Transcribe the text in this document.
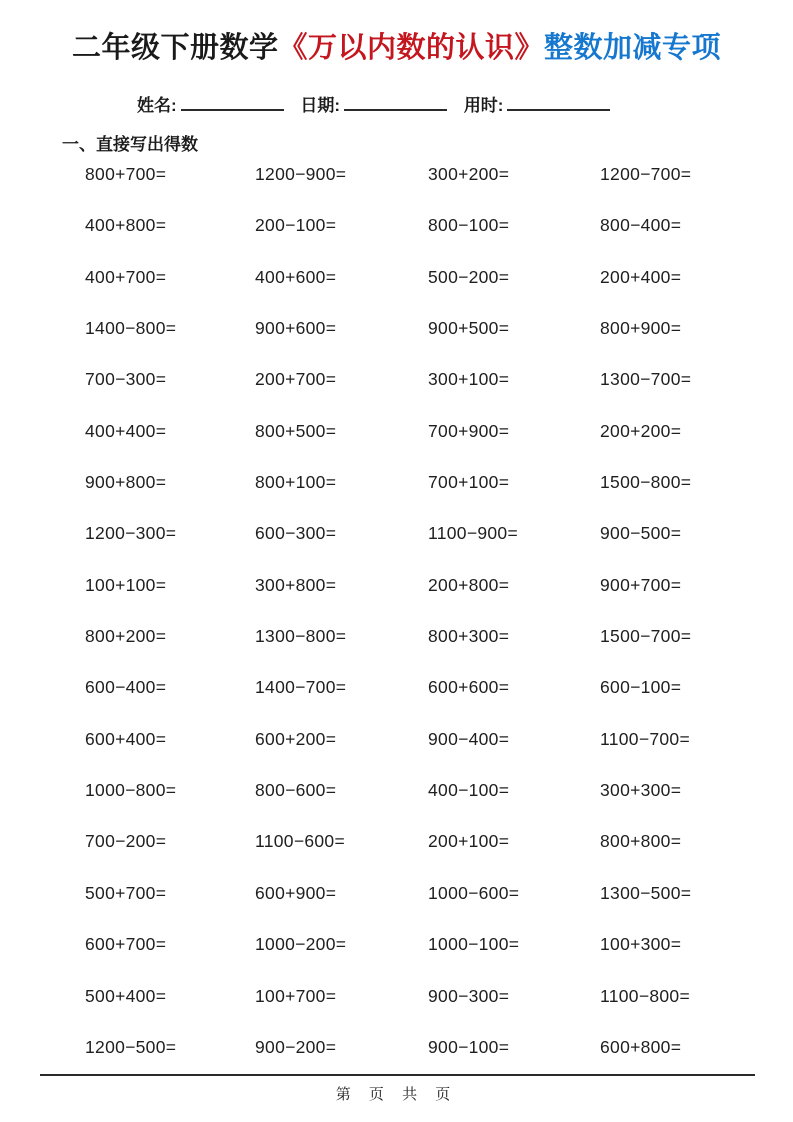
二年级下册数学《万以内数的认识》整数加减专项
姓名:	日期:	用时:
一、直接写出得数
800+700=	1200−900=	300+200=	1200−700=
400+800=	200−100=	800−100=	800−400=
400+700=	400+600=	500−200=	200+400=
1400−800=	900+600=	900+500=	800+900=
700−300=	200+700=	300+100=	1300−700=
400+400=	800+500=	700+900=	200+200=
900+800=	800+100=	700+100=	1500−800=
1200−300=	600−300=	1100−900=	900−500=
100+100=	300+800=	200+800=	900+700=
800+200=	1300−800=	800+300=	1500−700=
600−400=	1400−700=	600+600=	600−100=
600+400=	600+200=	900−400=	1100−700=
1000−800=	800−600=	400−100=	300+300=
700−200=	1100−600=	200+100=	800+800=
500+700=	600+900=	1000−600=	1300−500=
600+700=	1000−200=	1000−100=	100+300=
500+400=	100+700=	900−300=	1100−800=
1200−500=	900−200=	900−100=	600+800=
第 页 共 页
